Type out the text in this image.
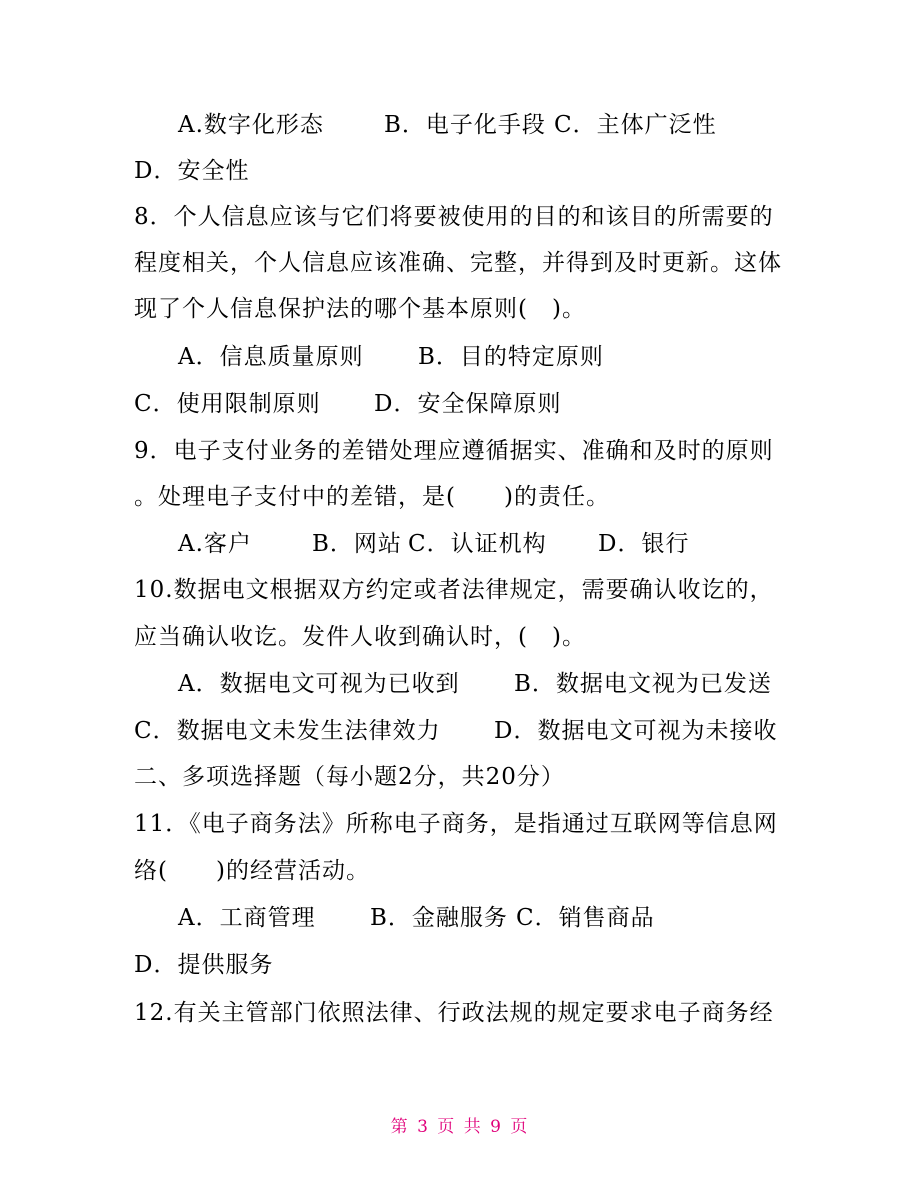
A.数字化形态

	B．电子化手段

C．主体广泛性

D．安全性
8．个人信息应该与它们将要被使用的目的和该目的所需要的
程度相关，个人信息应该准确、完整，并得到及时更新。这体
现了个人信息保护法的哪个基本原则(　)。

A．信息质量原则

B．目的特定原则

C．使用限制原则

D．安全保障原则

9．电子支付业务的差错处理应遵循据实、准确和及时的原则
。处理电子支付中的差错，是(　　)的责任。

A.客户

	B．网站

C．认证机构

D．银行

10.数据电文根据双方约定或者法律规定，需要确认收讫的，
应当确认收讫。发件人收到确认时，(　)。

A．数据电文可视为已收到

B．数据电文视为已发送

C．数据电文未发生法律效力

D．数据电文可视为未接收

二、多项选择题（每小题2分，共20分）
11．《电子商务法》所称电子商务，是指通过互联网等信息网
络(　　)的经营活动。

A．工商管理

B．金融服务

C．销售商品

D．提供服务
12.有关主管部门依照法律、行政法规的规定要求电子商务经
第 3 页 共 9 页
